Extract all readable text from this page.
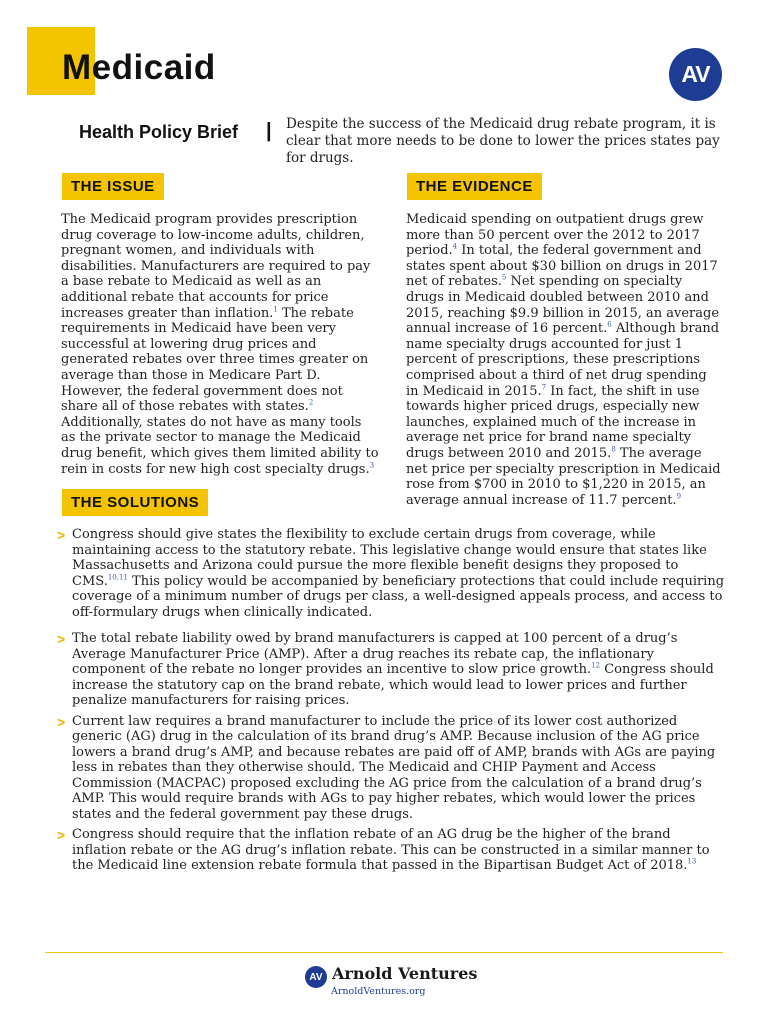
Medicaid	AV
Health Policy Brief | Despite the success of the Medicaid drug rebate program, it is clear that more needs to be done to lower the prices states pay for drugs.
THE ISSUE
The Medicaid program provides prescription drug coverage to low-income adults, children, pregnant women, and individuals with disabilities. Manufacturers are required to pay a base rebate to Medicaid as well as an additional rebate that accounts for price increases greater than inflation.$^1$ The rebate requirements in Medicaid have been very successful at lowering drug prices and generated rebates over three times greater on average than those in Medicare Part D. However, the federal government does not share all of those rebates with states.$^2$ Additionally, states do not have as many tools as the private sector to manage the Medicaid drug benefit, which gives them limited ability to rein in costs for new high cost specialty drugs.$^3$
THE EVIDENCE
Medicaid spending on outpatient drugs grew more than 50 percent over the 2012 to 2017 period.$^4$ In total, the federal government and states spent about $30 billion on drugs in 2017 net of rebates.$^5$ Net spending on specialty drugs in Medicaid doubled between 2010 and 2015, reaching $9.9 billion in 2015, an average annual increase of 16 percent.$^6$ Although brand name specialty drugs accounted for just 1 percent of prescriptions, these prescriptions comprised about a third of net drug spending in Medicaid in 2015.$^7$ In fact, the shift in use towards higher priced drugs, especially new launches, explained much of the increase in average net price for brand name specialty drugs between 2010 and 2015.$^8$ The average net price per specialty prescription in Medicaid rose from $700 in 2010 to $1,220 in 2015, an average annual increase of 11.7 percent.$^9$
THE SOLUTIONS
> Congress should give states the flexibility to exclude certain drugs from coverage, while maintaining access to the statutory rebate. This legislative change would ensure that states like Massachusetts and Arizona could pursue the more flexible benefit designs they proposed to CMS.$^{10,11}$ This policy would be accompanied by beneficiary protections that could include requiring coverage of a minimum number of drugs per class, a well-designed appeals process, and access to off-formulary drugs when clinically indicated.
> The total rebate liability owed by brand manufacturers is capped at 100 percent of a drug’s Average Manufacturer Price (AMP). After a drug reaches its rebate cap, the inflationary component of the rebate no longer provides an incentive to slow price growth.$^{12}$ Congress should increase the statutory cap on the brand rebate, which would lead to lower prices and further penalize manufacturers for raising prices.
> Current law requires a brand manufacturer to include the price of its lower cost authorized generic (AG) drug in the calculation of its brand drug’s AMP. Because inclusion of the AG price lowers a brand drug’s AMP, and because rebates are paid off of AMP, brands with AGs are paying less in rebates than they otherwise should. The Medicaid and CHIP Payment and Access Commission (MACPAC) proposed excluding the AG price from the calculation of a brand drug’s AMP. This would require brands with AGs to pay higher rebates, which would lower the prices states and the federal government pay these drugs.
> Congress should require that the inflation rebate of an AG drug be the higher of the brand inflation rebate or the AG drug’s inflation rebate. This can be constructed in a similar manner to the Medicaid line extension rebate formula that passed in the Bipartisan Budget Act of 2018.13
AV Arnold Ventures
ArnoldVentures.org
